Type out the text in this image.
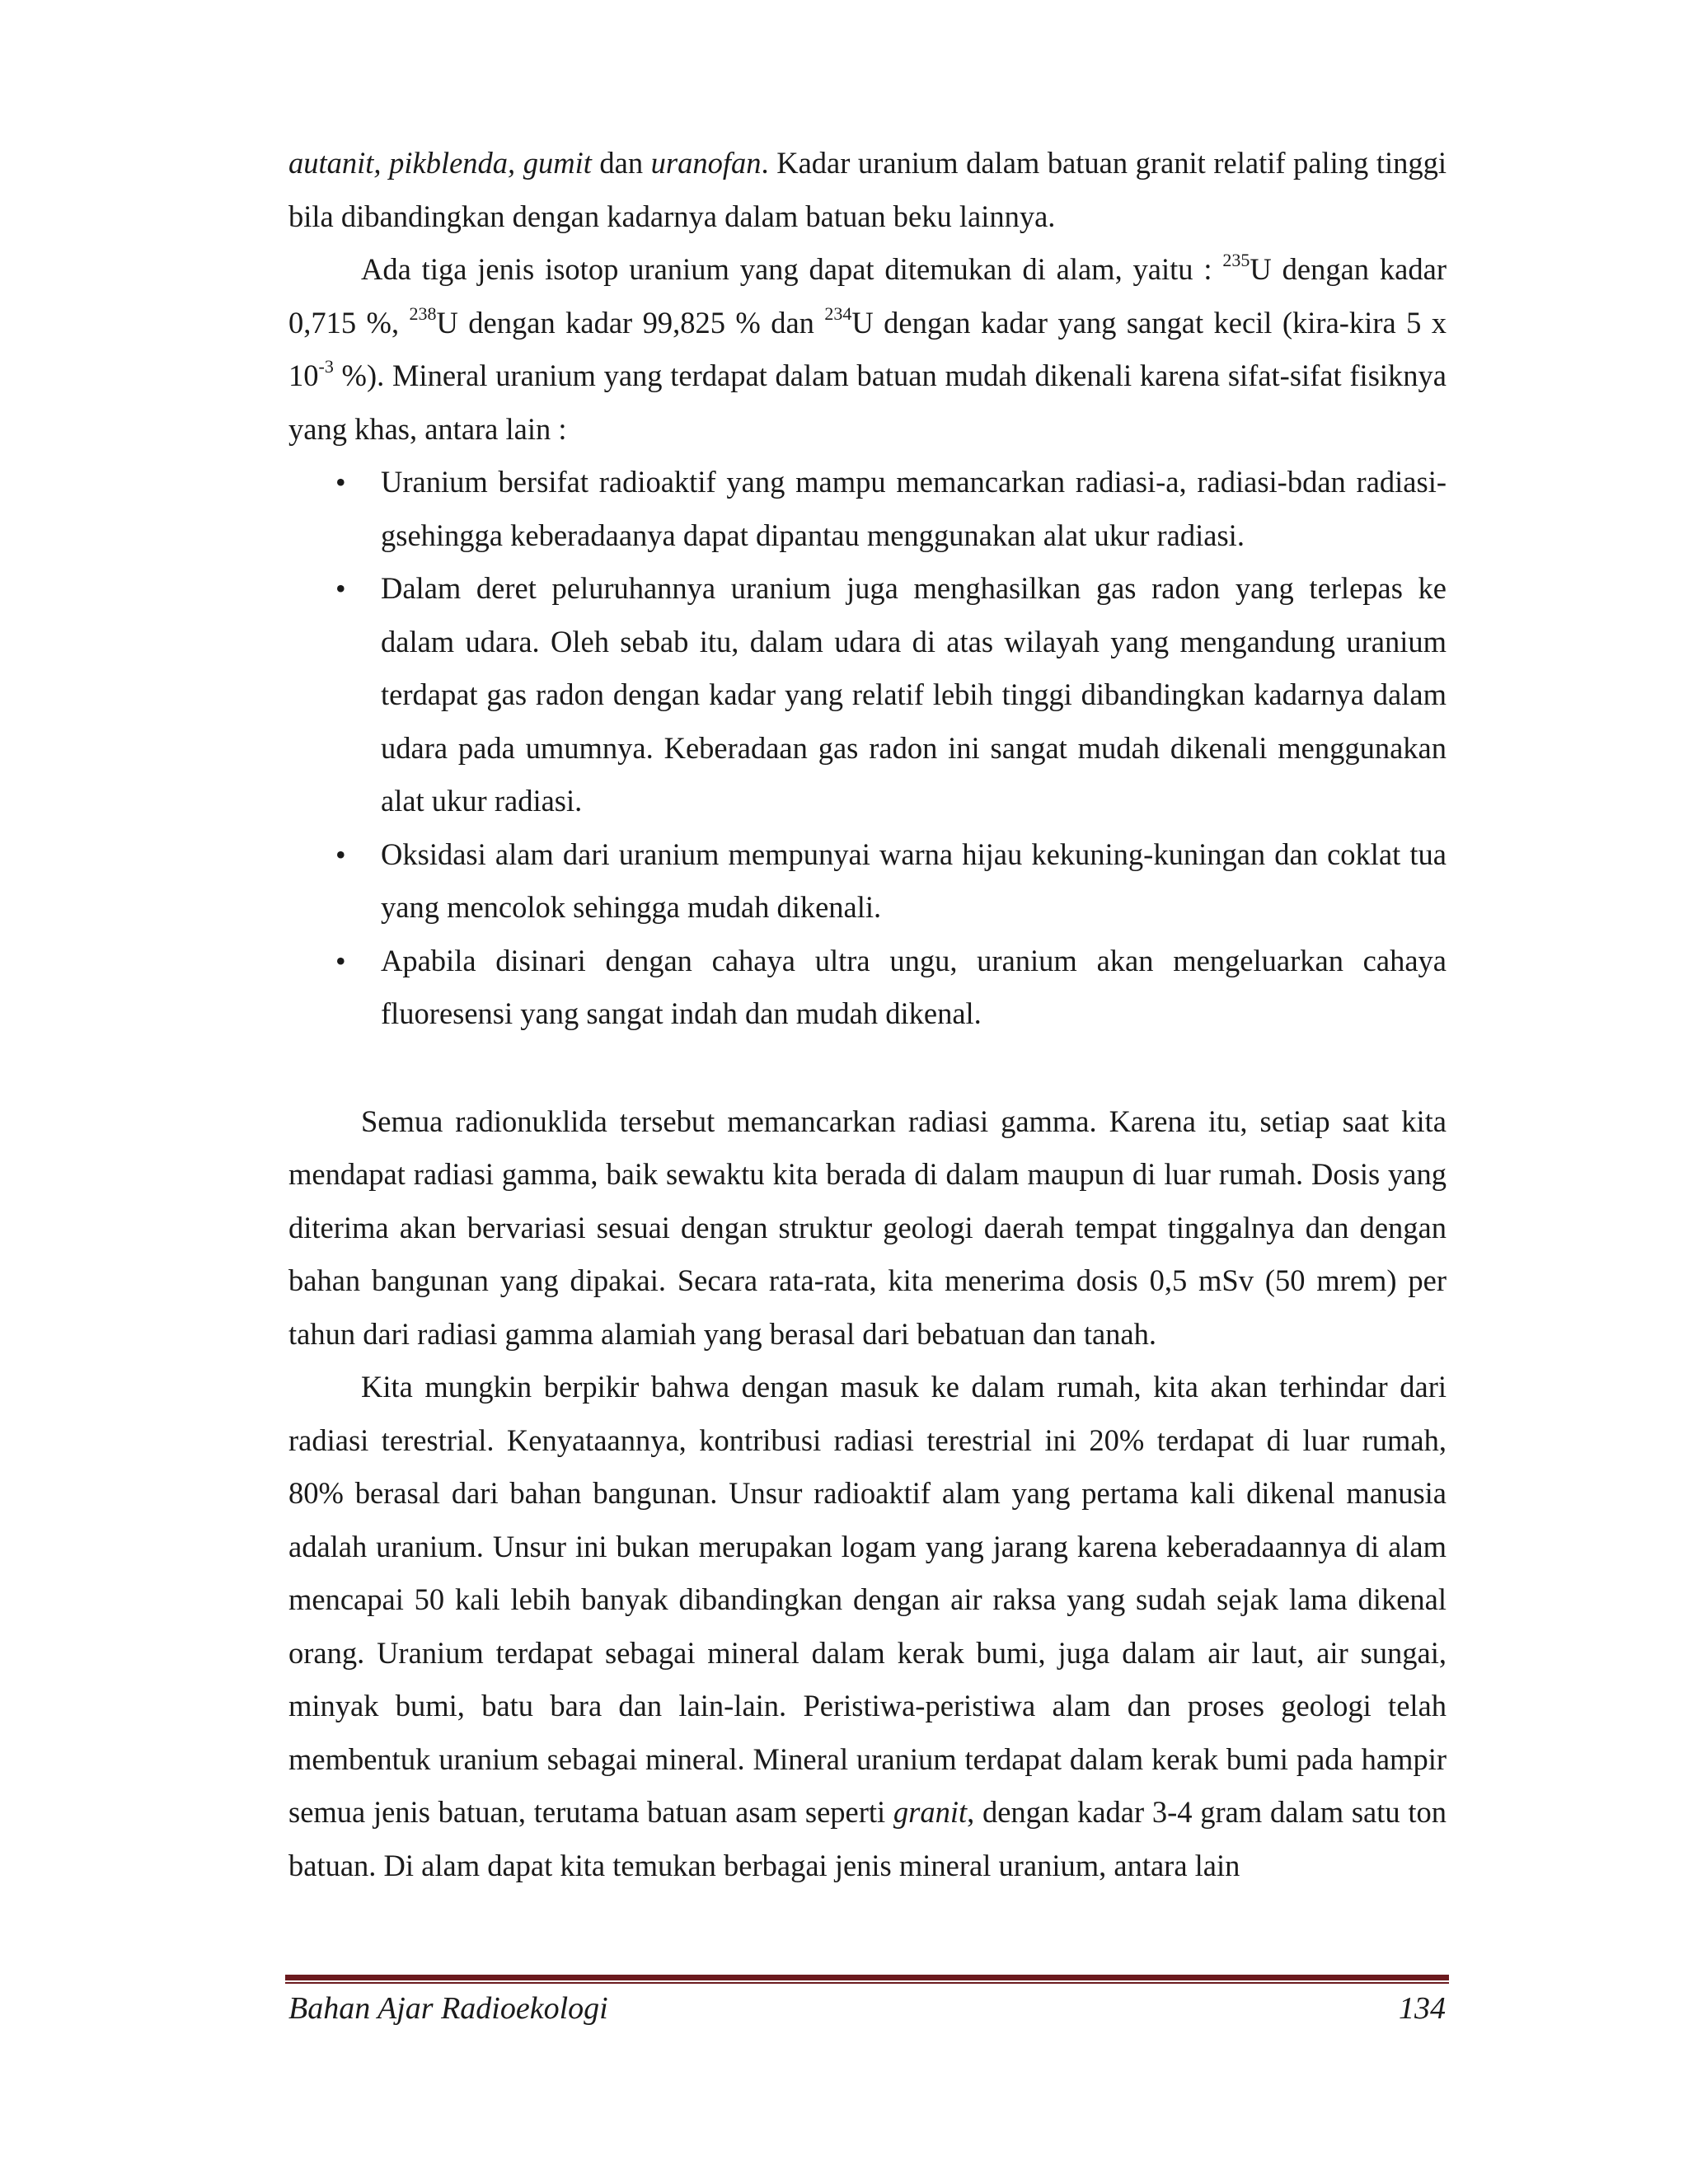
autanit, pikblenda, gumit dan uranofan. Kadar uranium dalam batuan granit relatif paling tinggi bila dibandingkan dengan kadarnya dalam batuan beku lainnya.

Ada tiga jenis isotop uranium yang dapat ditemukan di alam, yaitu : $^{235}$U dengan kadar 0,715 %, $^{238}$U dengan kadar 99,825 % dan $^{234}$U dengan kadar yang sangat kecil (kira-kira 5 x $10^{-3}$ %). Mineral uranium yang terdapat dalam batuan mudah dikenali karena sifat-sifat fisiknya yang khas, antara lain :

• Uranium bersifat radioaktif yang mampu memancarkan radiasi-a, radiasi-bdan radiasi-gsehingga keberadaanya dapat dipantau menggunakan alat ukur radiasi.
• Dalam deret peluruhannya uranium juga menghasilkan gas radon yang terlepas ke dalam udara. Oleh sebab itu, dalam udara di atas wilayah yang mengandung uranium terdapat gas radon dengan kadar yang relatif lebih tinggi dibandingkan kadarnya dalam udara pada umumnya. Keberadaan gas radon ini sangat mudah dikenali menggunakan alat ukur radiasi.
• Oksidasi alam dari uranium mempunyai warna hijau kekuning-kuningan dan coklat tua yang mencolok sehingga mudah dikenali.
• Apabila disinari dengan cahaya ultra ungu, uranium akan mengeluarkan cahaya fluoresensi yang sangat indah dan mudah dikenal.

Semua radionuklida tersebut memancarkan radiasi gamma. Karena itu, setiap saat kita mendapat radiasi gamma, baik sewaktu kita berada di dalam maupun di luar rumah. Dosis yang diterima akan bervariasi sesuai dengan struktur geologi daerah tempat tinggalnya dan dengan bahan bangunan yang dipakai. Secara rata-rata, kita menerima dosis 0,5 mSv (50 mrem) per tahun dari radiasi gamma alamiah yang berasal dari bebatuan dan tanah.

Kita mungkin berpikir bahwa dengan masuk ke dalam rumah, kita akan terhindar dari radiasi terestrial. Kenyataannya, kontribusi radiasi terestrial ini 20% terdapat di luar rumah, 80% berasal dari bahan bangunan. Unsur radioaktif alam yang pertama kali dikenal manusia adalah uranium. Unsur ini bukan merupakan logam yang jarang karena keberadaannya di alam mencapai 50 kali lebih banyak dibandingkan dengan air raksa yang sudah sejak lama dikenal orang. Uranium terdapat sebagai mineral dalam kerak bumi, juga dalam air laut, air sungai, minyak bumi, batu bara dan lain-lain. Peristiwa-peristiwa alam dan proses geologi telah membentuk uranium sebagai mineral. Mineral uranium terdapat dalam kerak bumi pada hampir semua jenis batuan, terutama batuan asam seperti granit, dengan kadar 3-4 gram dalam satu ton batuan. Di alam dapat kita temukan berbagai jenis mineral uranium, antara lain

Bahan Ajar Radioekologi	134
